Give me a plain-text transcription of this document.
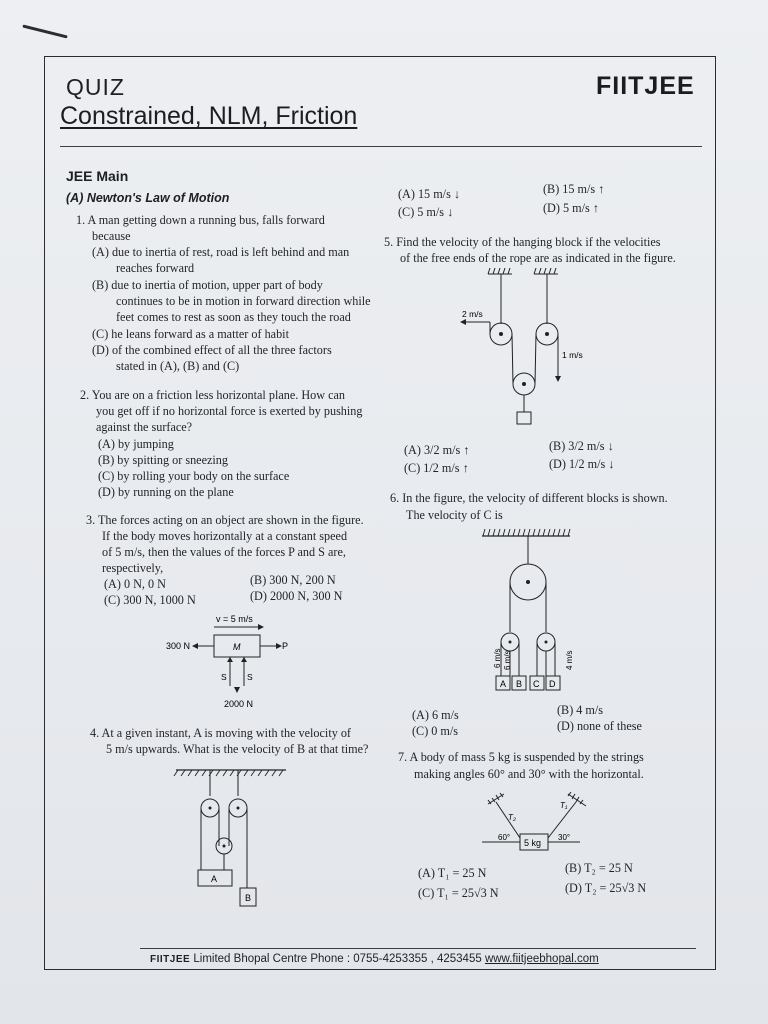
QUIZ
Constrained, NLM, Friction
FIITJEE
JEE Main
(A) Newton's Law of Motion
1. A man getting down a running bus, falls forward
because
(A) due to inertia of rest, road is left behind and man
reaches forward
(B) due to inertia of motion, upper part of body
continues to be in motion in forward direction while
feet comes to rest as soon as they touch the road
(C) he leans forward as a matter of habit
(D) of the combined effect of all the three factors
stated in (A), (B) and (C)
2. You are on a friction less horizontal plane. How can
you get off if no horizontal force is exerted by pushing
against the surface?
(A) by jumping
(B) by spitting or sneezing
(C) by rolling your body on the surface
(D) by running on the plane
3. The forces acting on an object are shown in the figure.
If the body moves horizontally at a constant speed
of 5 m/s, then the values of the forces P and S are,
respectively,
(A) 0 N, 0 N	(B) 300 N, 200 N
(C) 300 N, 1000 N	(D) 2000 N, 300 N
v = 5 m/s
M
300 N	P
S S
2000 N
4. At a given instant, A is moving with the velocity of
5 m/s upwards. What is the velocity of B at that time?
A
B
(A) 15 m/s ↓	(B) 15 m/s ↑
(C) 5 m/s ↓	(D) 5 m/s ↑
5. Find the velocity of the hanging block if the velocities
of the free ends of the rope are as indicated in the figure.
2 m/s
1 m/s
(A) 3/2 m/s ↑	(B) 3/2 m/s ↓
(C) 1/2 m/s ↑	(D) 1/2 m/s ↓
6. In the figure, the velocity of different blocks is shown.
The velocity of C is
6 m/s 6 m/s	4 m/s
A B C D
(A) 6 m/s	(B) 4 m/s
(C) 0 m/s	(D) none of these
7. A body of mass 5 kg is suspended by the strings
making angles 60° and 30° with the horizontal.
T₂
T₁
60°	30°
5 kg
(A) T₁ = 25 N	(B) T₂ = 25 N
(C) T₁ = 25√3 N	(D) T₂ = 25√3 N
FIITJEE Limited Bhopal Centre Phone : 0755-4253355 , 4253455 www.fiitjeebhopal.com
